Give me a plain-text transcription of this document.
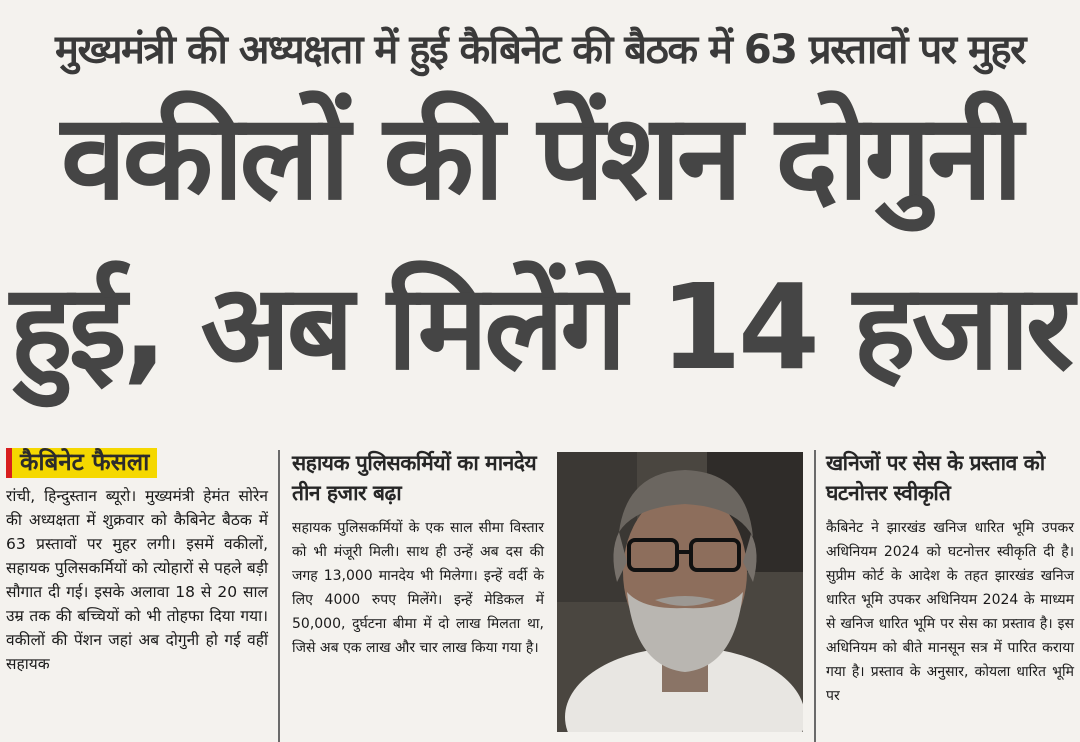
मुख्यमंत्री की अध्यक्षता में हुई कैबिनेट की बैठक में 63 प्रस्तावों पर मुहर
वकीलों की पेंशन दोगुनी
हुई, अब मिलेंगे 14 हजार
कैबिनेट फैसला

रांची, हिन्दुस्तान ब्यूरो। मुख्यमंत्री हेमंत सोरेन की अध्यक्षता में शुक्रवार को कैबिनेट बैठक में 63 प्रस्तावों पर मुहर लगी। इसमें वकीलों, सहायक पुलिसकर्मियों को त्योहारों से पहले बड़ी सौगात दी गई। इसके अलावा 18 से 20 साल उम्र तक की बच्चियों को भी तोहफा दिया गया। वकीलों की पेंशन जहां अब दोगुनी हो गई वहीं सहायक

सहायक पुलिसकर्मियों का मानदेय तीन हजार बढ़ा

सहायक पुलिसकर्मियों के एक साल सीमा विस्तार को भी मंजूरी मिली। साथ ही उन्हें अब दस की जगह 13,000 मानदेय भी मिलेगा। इन्हें वर्दी के लिए 4000 रुपए मिलेंगे। इन्हें मेडिकल में 50,000, दुर्घटना बीमा में दो लाख मिलता था, जिसे अब एक लाख और चार लाख किया गया है।

खनिजों पर सेस के प्रस्ताव को घटनोत्तर स्वीकृति

कैबिनेट ने झारखंड खनिज धारित भूमि उपकर अधिनियम 2024 को घटनोत्तर स्वीकृति दी है। सुप्रीम कोर्ट के आदेश के तहत झारखंड खनिज धारित भूमि उपकर अधिनियम 2024 के माध्यम से खनिज धारित भूमि पर सेस का प्रस्ताव है। इस अधिनियम को बीते मानसून सत्र में पारित कराया गया है। प्रस्ताव के अनुसार, कोयला धारित भूमि पर
